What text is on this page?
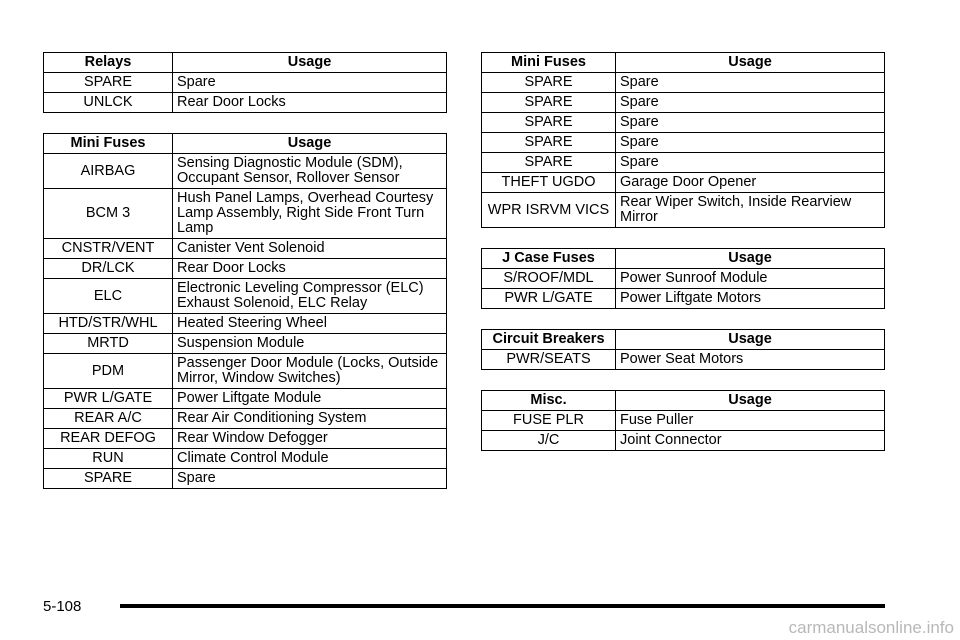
Relays	Usage
SPARE	Spare
UNLCK	Rear Door Locks
Mini Fuses	Usage
AIRBAG	Sensing Diagnostic Module (SDM), Occupant Sensor, Rollover Sensor
BCM 3	Hush Panel Lamps, Overhead Courtesy Lamp Assembly, Right Side Front Turn Lamp
CNSTR/VENT	Canister Vent Solenoid
DR/LCK	Rear Door Locks
ELC	Electronic Leveling Compressor (ELC) Exhaust Solenoid, ELC Relay
HTD/STR/WHL	Heated Steering Wheel
MRTD	Suspension Module
PDM	Passenger Door Module (Locks, Outside Mirror, Window Switches)
PWR L/GATE	Power Liftgate Module
REAR A/C	Rear Air Conditioning System
REAR DEFOG	Rear Window Defogger
RUN	Climate Control Module
SPARE	Spare
Mini Fuses	Usage
SPARE	Spare
SPARE	Spare
SPARE	Spare
SPARE	Spare
SPARE	Spare
THEFT UGDO	Garage Door Opener
WPR ISRVM VICS	Rear Wiper Switch, Inside Rearview Mirror
J Case Fuses	Usage
S/ROOF/MDL	Power Sunroof Module
PWR L/GATE	Power Liftgate Motors
Circuit Breakers	Usage
PWR/SEATS	Power Seat Motors
Misc.	Usage
FUSE PLR	Fuse Puller
J/C	Joint Connector
5-108
carmanualsonline.info
